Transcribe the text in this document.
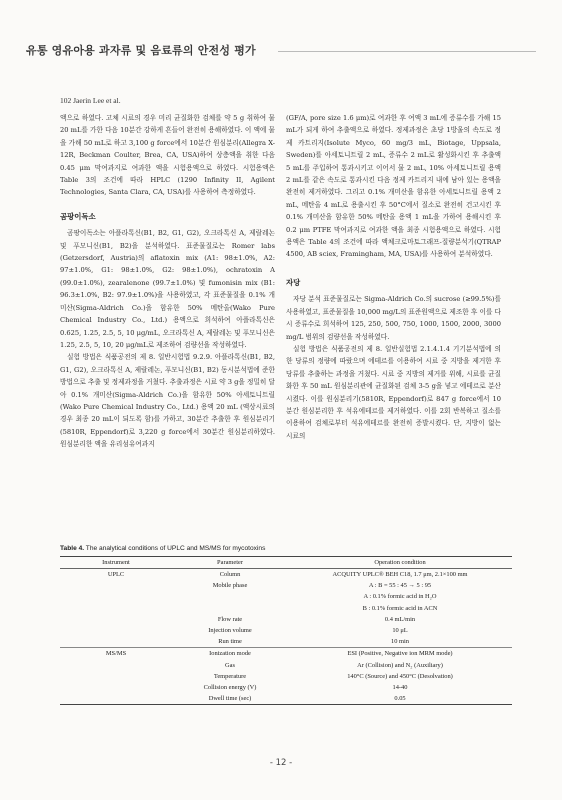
유통 영유아용 과자류 및 음료류의 안전성 평가
102 Jaerin Lee et al.

액으로 하였다. 고체 시료의 경우 미리 균질화한 검체를 약 5 g 취하여 물 20 mL를 가한 다음 10분간 강하게 흔들어 완전히 용해하였다. 이 액에 물을 가해 50 mL로 하고 3,100 g force에서 10분간 원심분리(Allegra X-12R, Beckman Coulter, Brea, CA, USA)하여 상층액을 취한 다음 0.45 μm 막여과지로 여과한 액을 시험용액으로 하였다. 시험용액은 Table 3의 조건에 따라 HPLC (1290 Infinity II, Agilent Technologies, Santa Clara, CA, USA)를 사용하여 측정하였다.

곰팡이독소

곰팡이독소는 아플라톡신(B1, B2, G1, G2), 오크라톡신 A, 제랄레논 및 푸모니신(B1, B2)을 분석하였다. 표준물질로는 Romer labs (Getzersdorf, Austria)의 aflatoxin mix (A1: 98±1.0%, A2: 97±1.0%, G1: 98±1.0%, G2: 98±1.0%), ochratoxin A (99.0±1.0%), zearalenone (99.7±1.0%) 및 fumonisin mix (B1: 96.3±1.0%, B2: 97.9±1.0%)을 사용하였고, 각 표준물질을 0.1% 개미산(Sigma-Aldrich Co.)을 함유한 50% 메탄올(Wako Pure Chemical Industry Co., Ltd.) 용액으로 희석하여 아플라톡신은 0.625, 1.25, 2.5, 5, 10 μg/mL, 오크라톡신 A, 제랄레논 및 푸모니신은 1.25, 2.5, 5, 10, 20 μg/mL로 제조하여 검량선을 작성하였다.

실험 방법은 식품공전의 제 8. 일반시험법 9.2.9. 아플라톡신(B1, B2, G1, G2), 오크라톡신 A, 제랄레논, 푸모니신(B1, B2) 동시분석법에 준한 방법으로 추출 및 정제과정을 거쳤다. 추출과정은 시료 약 3 g을 정밀히 달아 0.1% 개미산(Sigma-Aldrich Co.)을 함유한 50% 아세토니트릴(Wako Pure Chemical Industry Co., Ltd.) 용액 20 mL (액상시료의 경우 최종 20 mL이 되도록 함)를 가하고, 30분간 추출한 후 원심분리기(5810R, Eppendorf)로 3,220 g force에서 30분간 원심분리하였다. 원심분리한 액을 유리섬유여과지

(GF/A, pore size 1.6 μm)로 여과한 후 여액 3 mL에 증류수를 가해 15 mL가 되게 하여 추출액으로 하였다. 정제과정은 초당 1방울의 속도로 정제 카트리지(Isolute Myco, 60 mg/3 mL, Biotage, Uppsala, Sweden)를 아세토니트릴 2 mL, 증류수 2 mL로 활성화시킨 후 추출액 5 mL를 주입하여 통과시키고 이어서 물 2 mL, 10% 아세토니트릴 용액 2 mL를 같은 속도로 통과시킨 다음 정제 카트리지 내에 남아 있는 용액을 완전히 제거하였다. 그리고 0.1% 개미산을 함유한 아세토니트릴 용액 2 mL, 메탄올 4 mL로 용출시킨 후 50°C에서 질소로 완전히 건고시킨 후 0.1% 개미산을 함유한 50% 메탄올 용액 1 mL을 가하여 용해시킨 후 0.2 μm PTFE 막여과지로 여과한 액을 최종 시험용액으로 하였다. 시험용액은 Table 4의 조건에 따라 액체크로마토그래프-질량분석기(QTRAP 4500, AB sciex, Framingham, MA, USA)를 사용하여 분석하였다.

자당

자당 분석 표준물질로는 Sigma-Aldrich Co.의 sucrose (≥99.5%)를 사용하였고, 표준물질을 10,000 mg/L의 표준원액으로 제조한 후 이를 다시 증류수로 희석하여 125, 250, 500, 750, 1000, 1500, 2000, 3000 mg/L 범위의 검량선을 작성하였다.

실험 방법은 식품공전의 제 8. 일반실험법 2.1.4.1.4 기기분석법에 의한 당류의 정량에 따랐으며 에테르를 이용하여 시료 중 지방을 제거한 후 당류를 추출하는 과정을 거쳤다. 시료 중 지방의 제거를 위해, 시료를 균질화한 후 50 mL 원심분리관에 균질화된 검체 3-5 g을 넣고 에테르로 분산시켰다. 이를 원심분리기(5810R, Eppendorf)로 847 g force에서 10분간 원심분리한 후 석유에테르를 제거하였다. 이를 2회 반복하고 질소를 이용하여 검체로부터 석유에테르를 완전히 증발시켰다. 단, 지방이 없는 시료의

Table 4. The analytical conditions of UPLC and MS/MS for mycotoxins
Instrument	Parameter	Operation condition
UPLC	Column	ACQUITY UPLC® BEH C18, 1.7 μm, 2.1×100 mm
	Mobile phase	A : B = 55 : 45 → 5 : 95
		A : 0.1% formic acid in H₂O
		B : 0.1% formic acid in ACN
	Flow rate	0.4 mL/min
	Injection volume	10 μL
	Run time	10 min
MS/MS	Ionization mode	ESI (Positive, Negative ion MRM mode)
	Gas	Ar (Collision) and N₂ (Auxiliary)
	Temperature	140°C (Source) and 450°C (Desolvation)
	Collision energy (V)	14-40
	Dwell time (sec)	0.05
- 12 -
